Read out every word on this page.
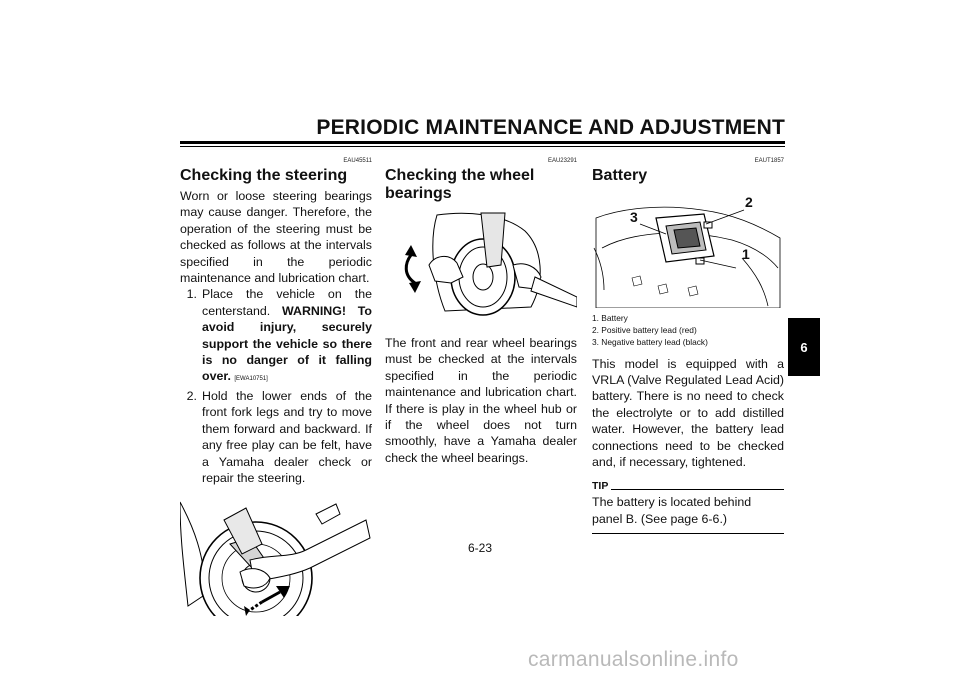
PERIODIC MAINTENANCE AND ADJUSTMENT
EAU45511
Checking the steering

Worn or loose steering bearings may cause danger. Therefore, the operation of the steering must be checked as follows at the intervals specified in the periodic maintenance and lubrication chart.

1. Place the vehicle on the centerstand. WARNING! To avoid injury, securely support the vehicle so there is no danger of it falling over. [EWA10751]
2. Hold the lower ends of the front fork legs and try to move them forward and backward. If any free play can be felt, have a Yamaha dealer check or repair the steering.
EAU23291
Checking the wheel bearings

The front and rear wheel bearings must be checked at the intervals specified in the periodic maintenance and lubrication chart. If there is play in the wheel hub or if the wheel does not turn smoothly, have a Yamaha dealer check the wheel bearings.

EAUT1857
Battery
2
3
1
1. Battery
2. Positive battery lead (red)
3. Negative battery lead (black)

This model is equipped with a VRLA (Valve Regulated Lead Acid) battery. There is no need to check the electrolyte or to add distilled water. However, the battery lead connections need to be checked and, if necessary, tightened.

TIP
The battery is located behind panel B. (See page 6-6.)
6
6-23
carmanualsonline.info
